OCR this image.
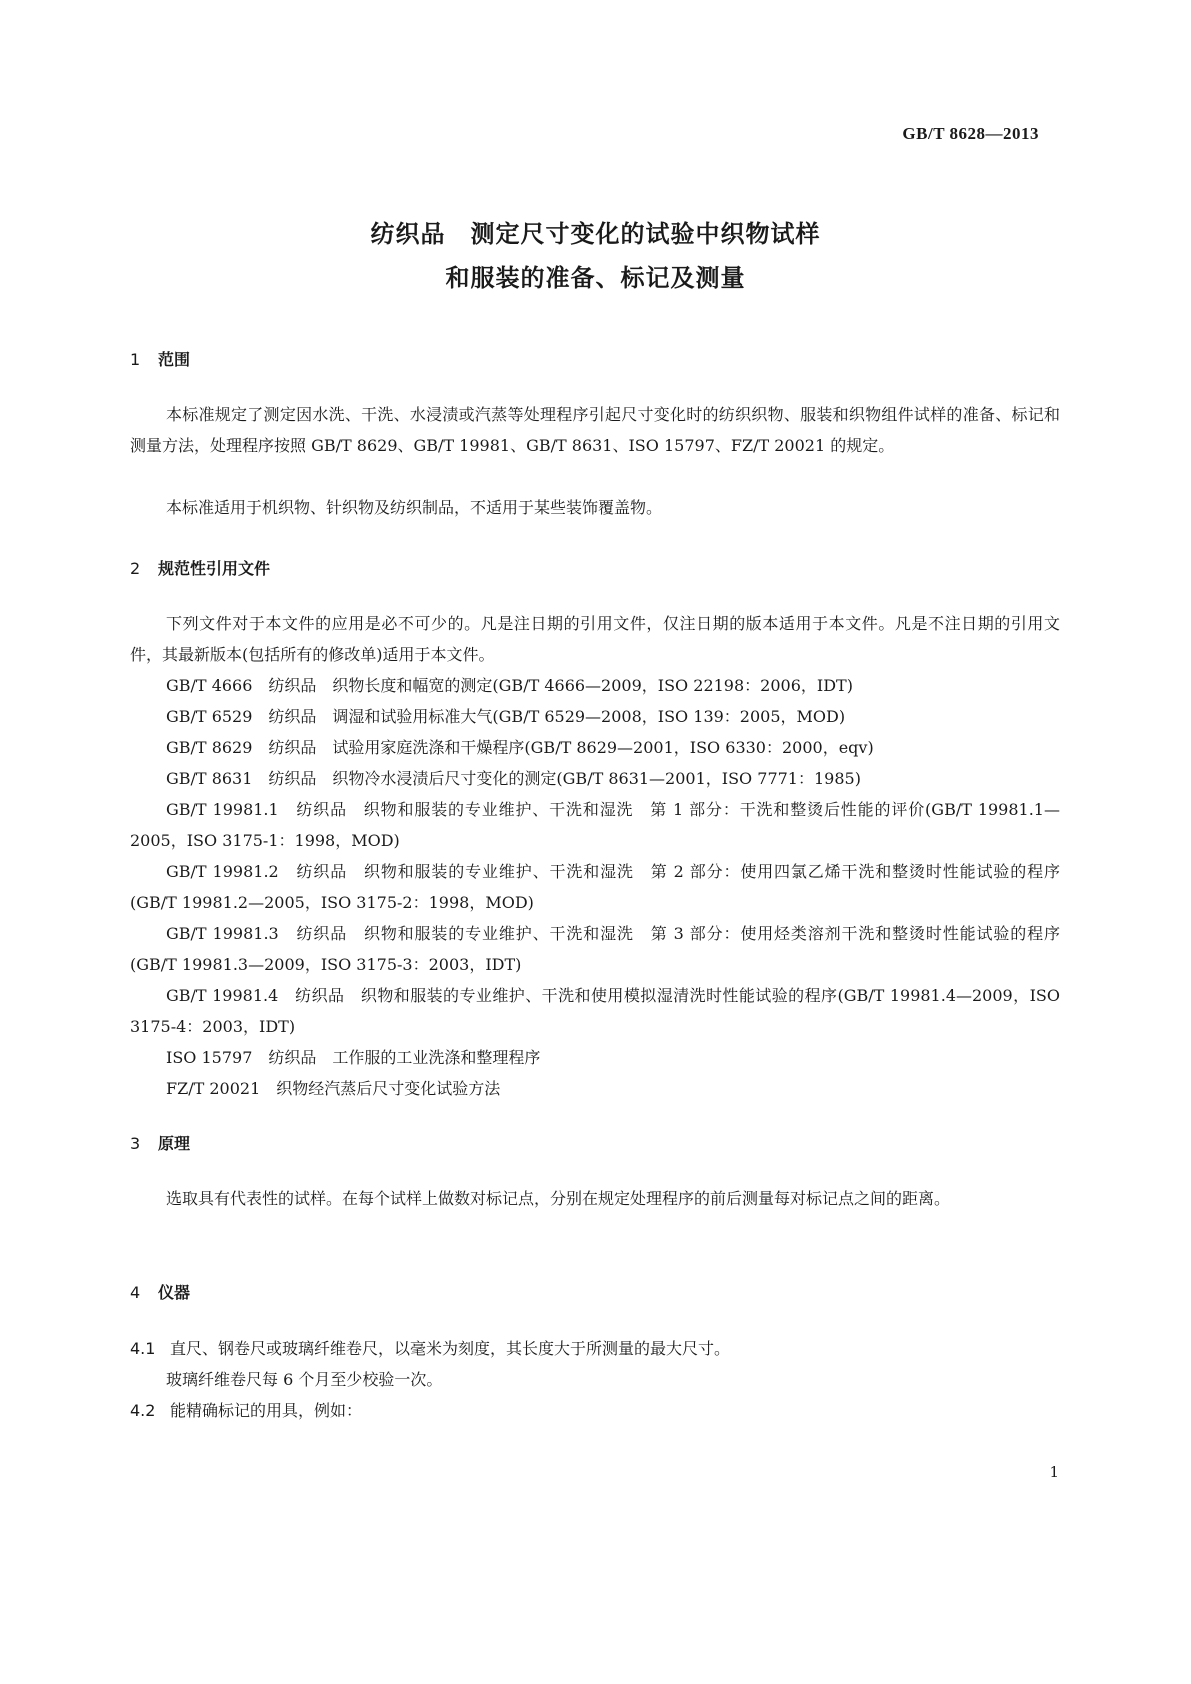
GB/T 8628—2013
纺织品　测定尺寸变化的试验中织物试样
和服装的准备、标记及测量
1 范围
本标准规定了测定因水洗、干洗、水浸渍或汽蒸等处理程序引起尺寸变化时的纺织织物、服装和织物组件试样的准备、标记和测量方法，处理程序按照 GB/T 8629、GB/T 19981、GB/T 8631、ISO 15797、FZ/T 20021 的规定。
本标准适用于机织物、针织物及纺织制品，不适用于某些装饰覆盖物。
2 规范性引用文件
下列文件对于本文件的应用是必不可少的。凡是注日期的引用文件，仅注日期的版本适用于本文件。凡是不注日期的引用文件，其最新版本(包括所有的修改单)适用于本文件。
GB/T 4666　纺织品　织物长度和幅宽的测定(GB/T 4666—2009，ISO 22198：2006，IDT)
GB/T 6529　纺织品　调湿和试验用标准大气(GB/T 6529—2008，ISO 139：2005，MOD)
GB/T 8629　纺织品　试验用家庭洗涤和干燥程序(GB/T 8629—2001，ISO 6330：2000，eqv)
GB/T 8631　纺织品　织物冷水浸渍后尺寸变化的测定(GB/T 8631—2001，ISO 7771：1985)
GB/T 19981.1　纺织品　织物和服装的专业维护、干洗和湿洗　第 1 部分：干洗和整烫后性能的评价(GB/T 19981.1—2005，ISO 3175-1：1998，MOD)
GB/T 19981.2　纺织品　织物和服装的专业维护、干洗和湿洗　第 2 部分：使用四氯乙烯干洗和整烫时性能试验的程序(GB/T 19981.2—2005，ISO 3175-2：1998，MOD)
GB/T 19981.3　纺织品　织物和服装的专业维护、干洗和湿洗　第 3 部分：使用烃类溶剂干洗和整烫时性能试验的程序(GB/T 19981.3—2009，ISO 3175-3：2003，IDT)
GB/T 19981.4　纺织品　织物和服装的专业维护、干洗和使用模拟湿清洗时性能试验的程序(GB/T 19981.4—2009，ISO 3175-4：2003，IDT)
ISO 15797　纺织品　工作服的工业洗涤和整理程序
FZ/T 20021　织物经汽蒸后尺寸变化试验方法
3 原理
选取具有代表性的试样。在每个试样上做数对标记点，分别在规定处理程序的前后测量每对标记点之间的距离。
4 仪器
4.1 直尺、钢卷尺或玻璃纤维卷尺，以毫米为刻度，其长度大于所测量的最大尺寸。
玻璃纤维卷尺每 6 个月至少校验一次。
4.2 能精确标记的用具，例如：
1
